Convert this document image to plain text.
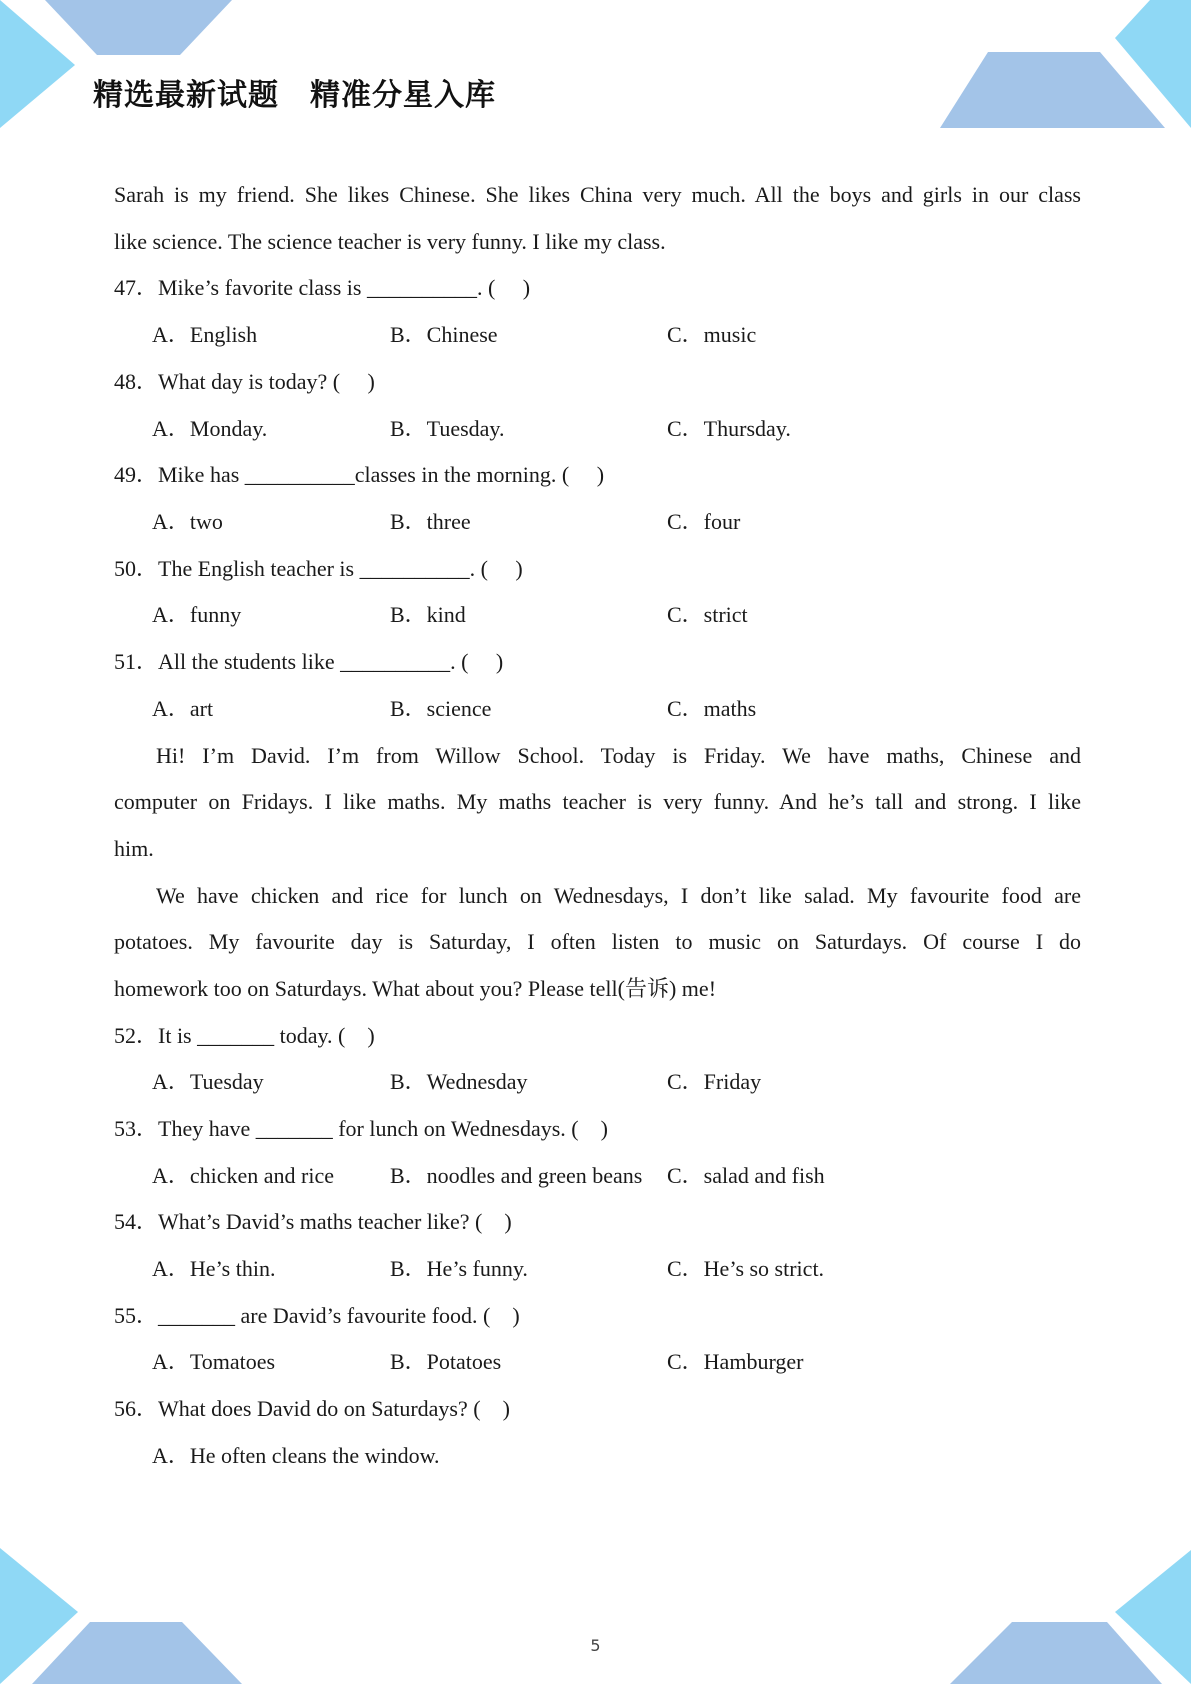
精选最新试题　精准分星入库
Sarah is my friend. She likes Chinese. She likes China very much. All the boys and girls in our class
like science. The science teacher is very funny. I like my class.
47．Mike’s favorite class is __________. (　 )
A．English	B．Chinese	C．music
48．What day is today? (　 )
A．Monday.	B．Tuesday.	C．Thursday.
49．Mike has __________classes in the morning. (　 )
A．two	B．three	C．four
50．The English teacher is __________. (　 )
A．funny	B．kind	C．strict
51．All the students like __________. (　 )
A．art	B．science	C．maths
Hi! I’m David. I’m from Willow School. Today is Friday. We have maths, Chinese and
computer on Fridays. I like maths. My maths teacher is very funny. And he’s tall and strong. I like
him.
We have chicken and rice for lunch on Wednesdays, I don’t like salad. My favourite food are
potatoes. My favourite day is Saturday, I often listen to music on Saturdays. Of course I do
homework too on Saturdays. What about you? Please tell(告诉) me!
52．It is _______ today. (　)
A．Tuesday	B．Wednesday	C．Friday
53．They have _______ for lunch on Wednesdays. (　)
A．chicken and rice	B．noodles and green beans C．salad and fish
54．What’s David’s maths teacher like? (　)
A．He’s thin.	B．He’s funny.	C．He’s so strict.
55．_______ are David’s favourite food. (　)
A．Tomatoes	B．Potatoes	C．Hamburger
56．What does David do on Saturdays? (　)
A．He often cleans the window.
5
